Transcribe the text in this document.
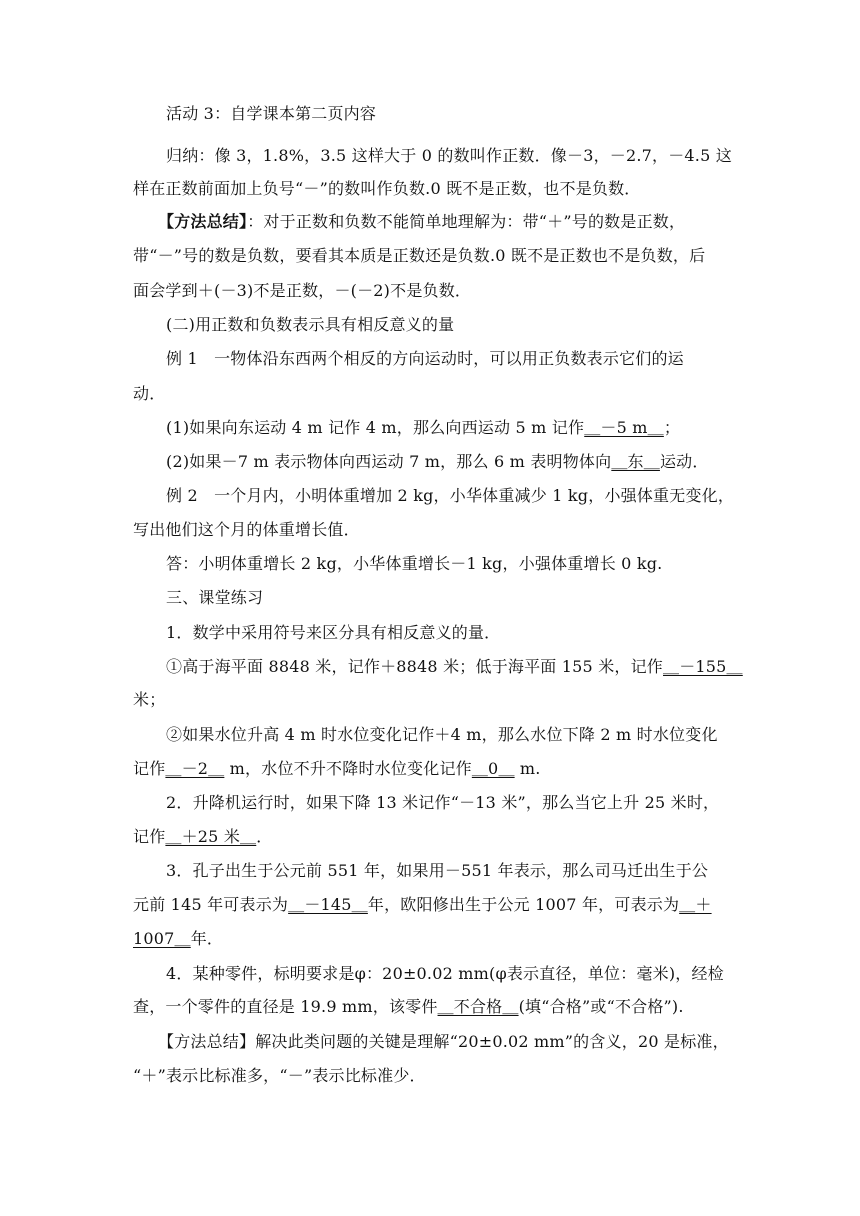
活动 3：自学课本第二页内容
归纳：像 3，1.8%，3.5 这样大于 0 的数叫作正数．像－3，－2.7，－4.5 这
样在正数前面加上负号“－”的数叫作负数.0 既不是正数，也不是负数．
【方法总结】：对于正数和负数不能简单地理解为：带“＋”号的数是正数，
带“－”号的数是负数，要看其本质是正数还是负数.0 既不是正数也不是负数，后
面会学到＋(－3)不是正数，－(－2)不是负数．
(二)用正数和负数表示具有相反意义的量
例 1　一物体沿东西两个相反的方向运动时，可以用正负数表示它们的运
动．
(1)如果向东运动 4 m 记作 4 m，那么向西运动 5 m 记作＿－5 m＿；
(2)如果－7 m 表示物体向西运动 7 m，那么 6 m 表明物体向＿东＿运动．
例 2　一个月内，小明体重增加 2 kg，小华体重减少 1 kg，小强体重无变化，
写出他们这个月的体重增长值．
答：小明体重增长 2 kg，小华体重增长－1 kg，小强体重增长 0 kg.
三、课堂练习
1．数学中采用符号来区分具有相反意义的量．
①高于海平面 8848 米，记作＋8848 米；低于海平面 155 米，记作＿－155＿
米；
②如果水位升高 4 m 时水位变化记作＋4 m，那么水位下降 2 m 时水位变化
记作＿－2＿ m，水位不升不降时水位变化记作＿0＿ m.
2．升降机运行时，如果下降 13 米记作“－13 米”，那么当它上升 25 米时，
记作＿＋25 米＿．
3．孔子出生于公元前 551 年，如果用－551 年表示，那么司马迁出生于公
元前 145 年可表示为＿－145＿年，欧阳修出生于公元 1007 年，可表示为＿＋
1007＿年．
4．某种零件，标明要求是φ：20±0.02 mm(φ表示直径，单位：毫米)，经检
查，一个零件的直径是 19.9 mm，该零件＿不合格＿(填“合格”或“不合格”).
【方法总结】解决此类问题的关键是理解“20±0.02 mm”的含义，20 是标准，
“＋”表示比标准多，“－”表示比标准少．
